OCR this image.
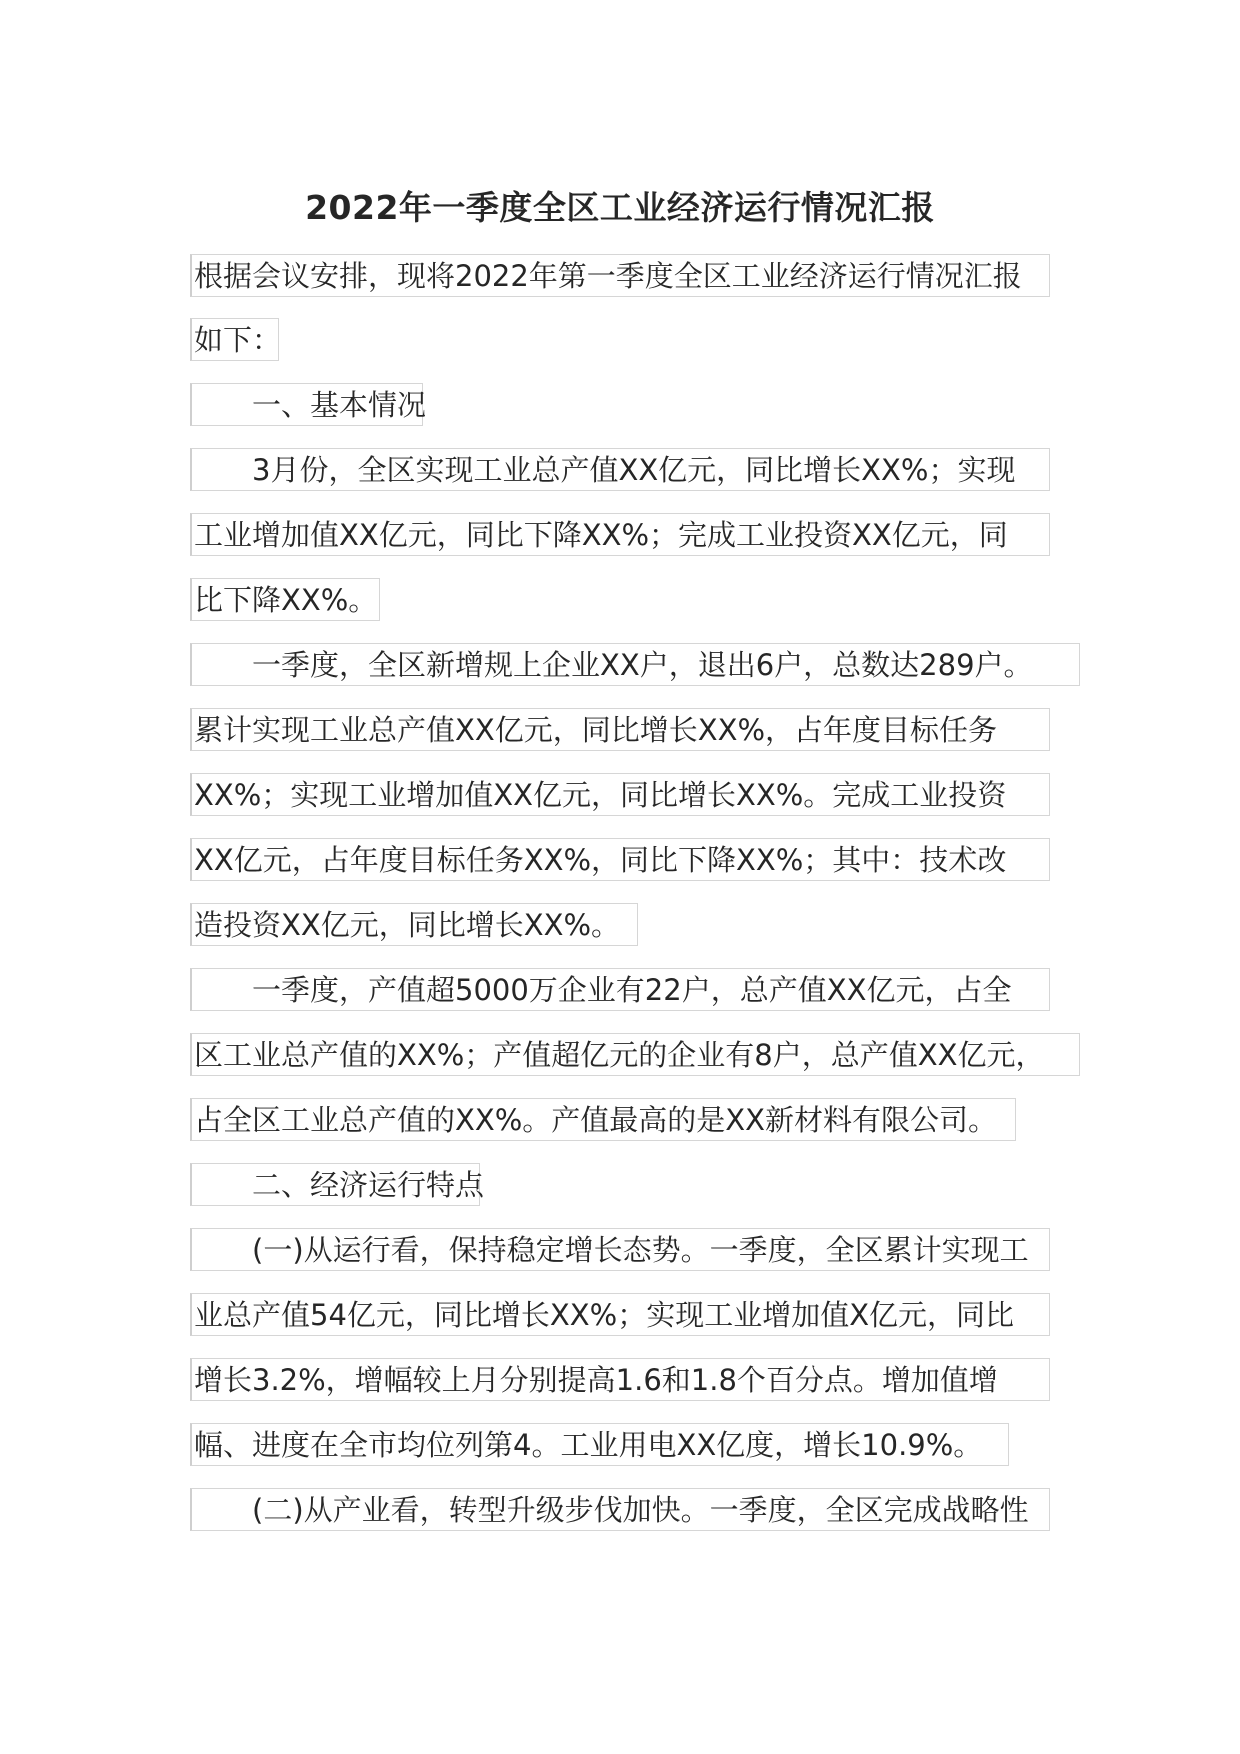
2022年一季度全区工业经济运行情况汇报
根据会议安排，现将2022年第一季度全区工业经济运行情况汇报
如下：
一、基本情况
3月份，全区实现工业总产值XX亿元，同比增长XX%；实现
工业增加值XX亿元，同比下降XX%；完成工业投资XX亿元，同
比下降XX%。
一季度，全区新增规上企业XX户，退出6户，总数达289户。
累计实现工业总产值XX亿元，同比增长XX%，占年度目标任务
XX%；实现工业增加值XX亿元，同比增长XX%。完成工业投资
XX亿元，占年度目标任务XX%，同比下降XX%；其中：技术改
造投资XX亿元，同比增长XX%。
一季度，产值超5000万企业有22户，总产值XX亿元，占全
区工业总产值的XX%；产值超亿元的企业有8户，总产值XX亿元，
占全区工业总产值的XX%。产值最高的是XX新材料有限公司。
二、经济运行特点
(一)从运行看，保持稳定增长态势。一季度，全区累计实现工
业总产值54亿元，同比增长XX%；实现工业增加值X亿元，同比
增长3.2%，增幅较上月分别提高1.6和1.8个百分点。增加值增
幅、进度在全市均位列第4。工业用电XX亿度，增长10.9%。
(二)从产业看，转型升级步伐加快。一季度，全区完成战略性
